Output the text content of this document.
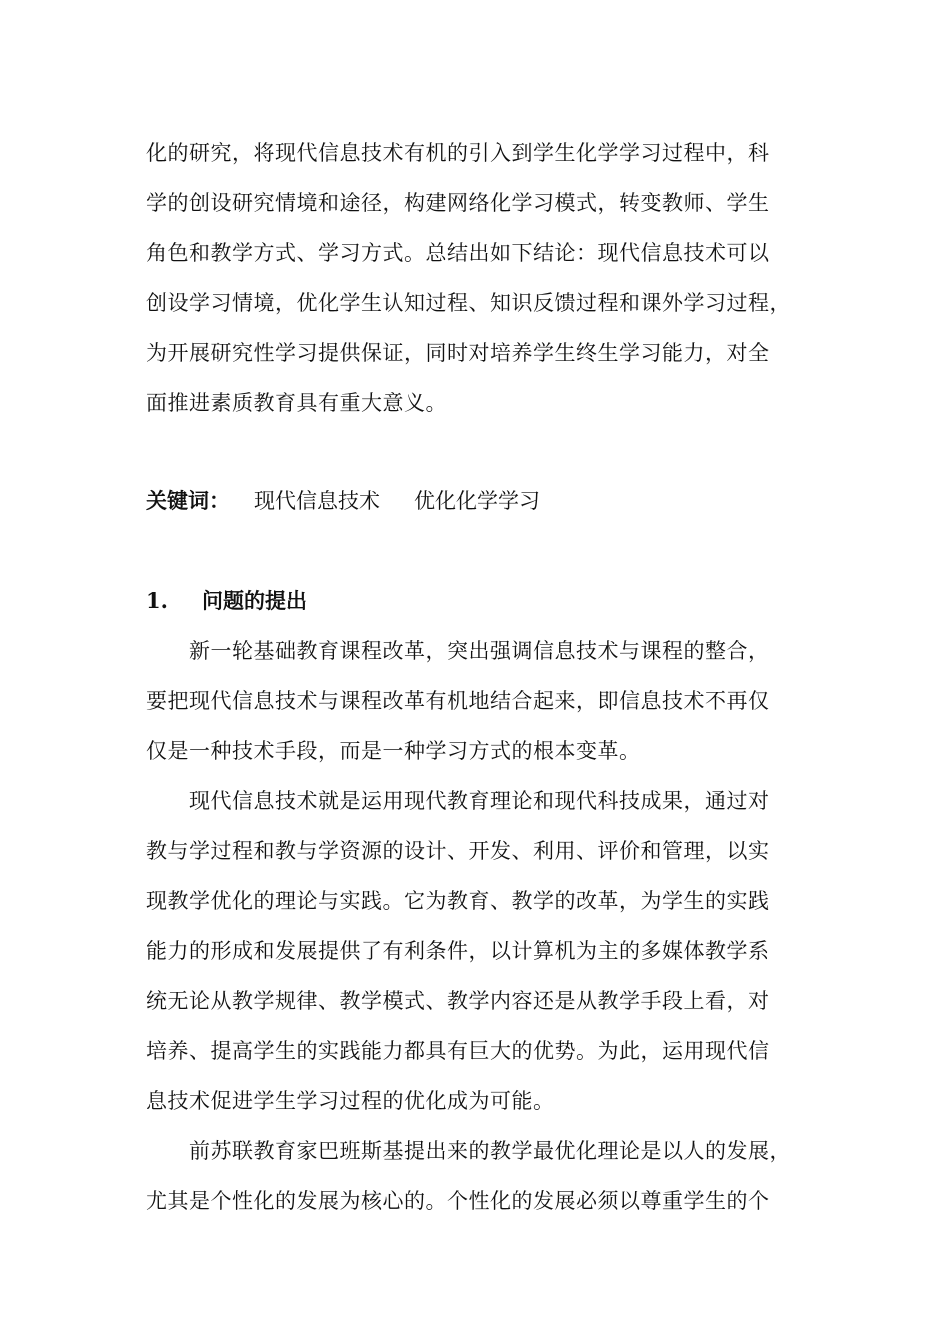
化的研究，将现代信息技术有机的引入到学生化学学习过程中，科
学的创设研究情境和途径，构建网络化学习模式，转变教师、学生
角色和教学方式、学习方式。总结出如下结论：现代信息技术可以
创设学习情境，优化学生认知过程、知识反馈过程和课外学习过程，
为开展研究性学习提供保证，同时对培养学生终生学习能力，对全
面推进素质教育具有重大意义。
关键词： 现代信息技术 优化化学学习
1. 问题的提出
新一轮基础教育课程改革，突出强调信息技术与课程的整合，
要把现代信息技术与课程改革有机地结合起来，即信息技术不再仅
仅是一种技术手段，而是一种学习方式的根本变革。
现代信息技术就是运用现代教育理论和现代科技成果，通过对
教与学过程和教与学资源的设计、开发、利用、评价和管理，以实
现教学优化的理论与实践。它为教育、教学的改革，为学生的实践
能力的形成和发展提供了有利条件，以计算机为主的多媒体教学系
统无论从教学规律、教学模式、教学内容还是从教学手段上看，对
培养、提高学生的实践能力都具有巨大的优势。为此，运用现代信
息技术促进学生学习过程的优化成为可能。
前苏联教育家巴班斯基提出来的教学最优化理论是以人的发展，
尤其是个性化的发展为核心的。个性化的发展必须以尊重学生的个
